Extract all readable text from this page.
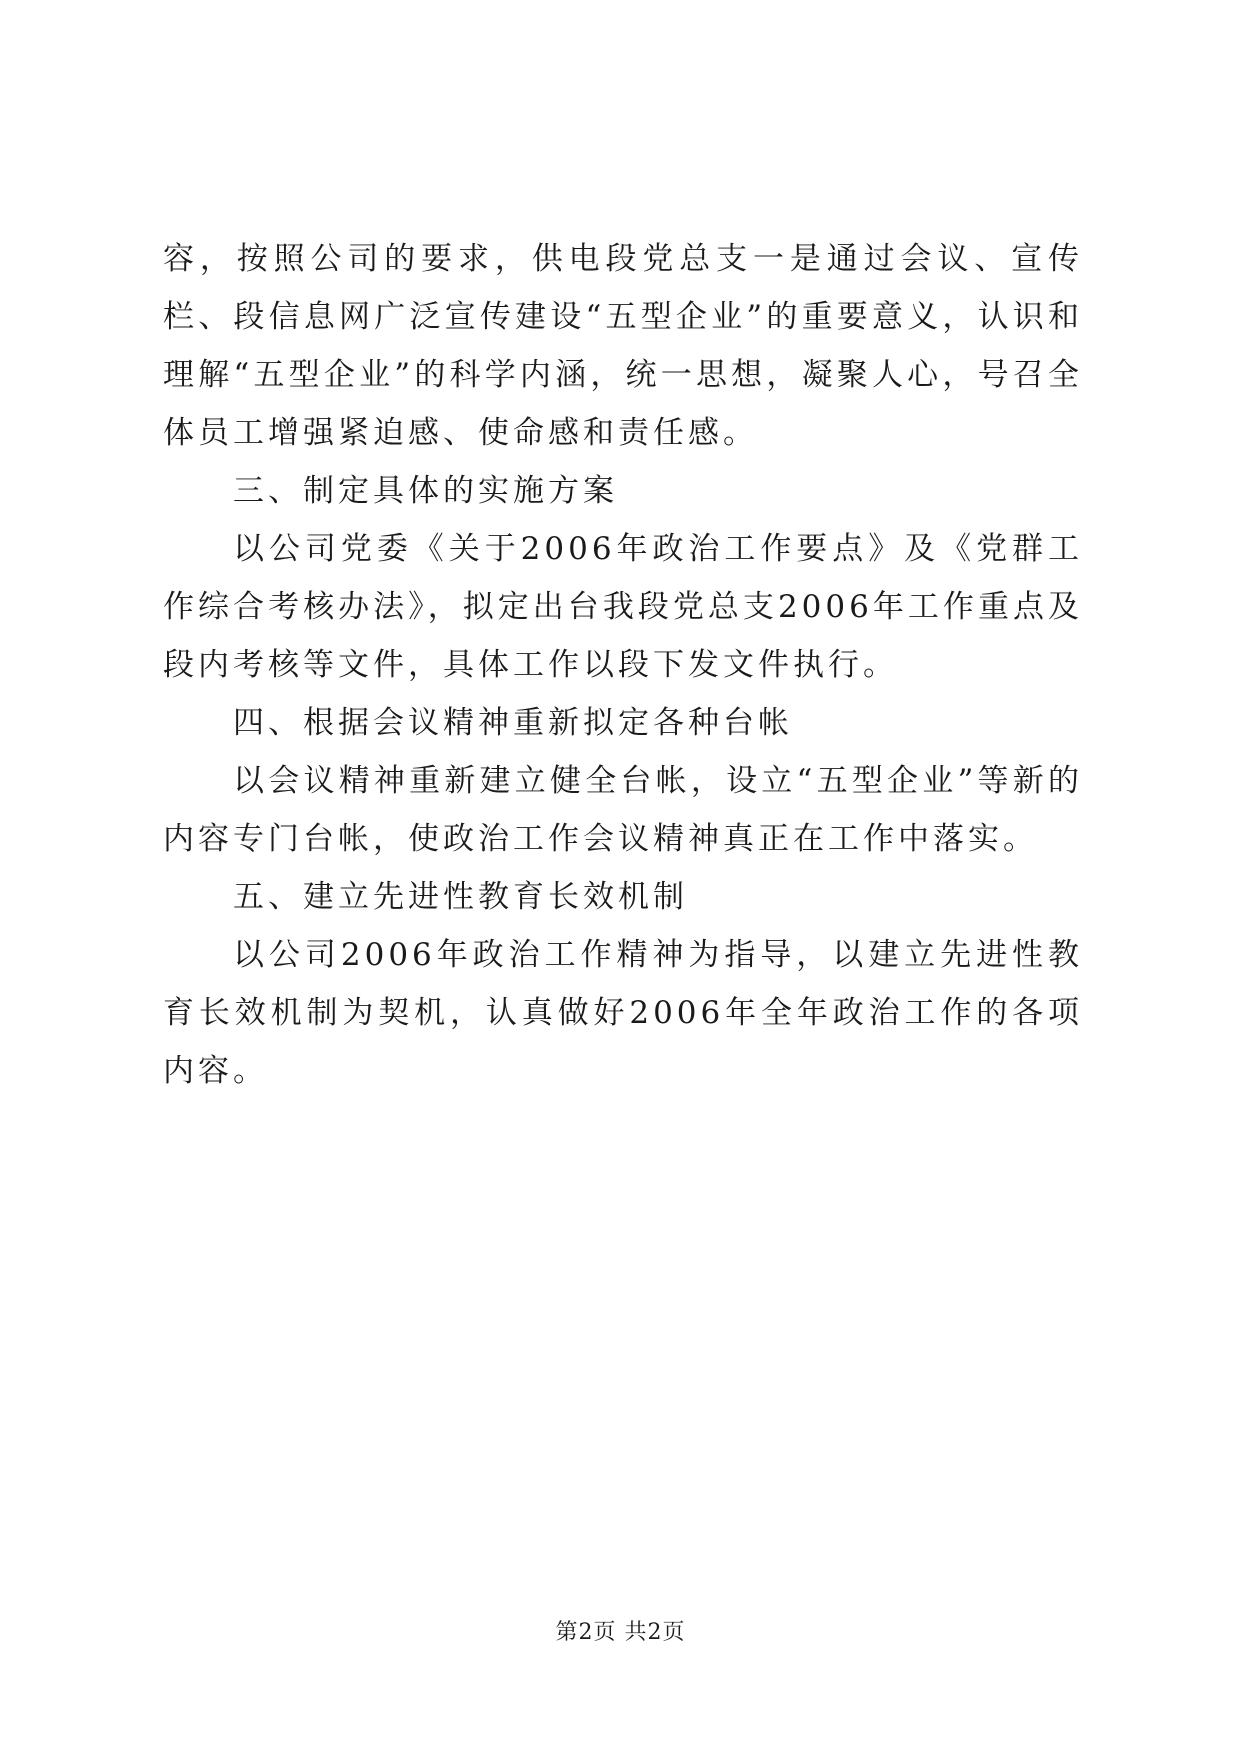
容，按照公司的要求，供电段党总支一是通过会议、宣传栏、段信息网广泛宣传建设“五型企业”的重要意义，认识和理解“五型企业”的科学内涵，统一思想，凝聚人心，号召全体员工增强紧迫感、使命感和责任感。

三、制定具体的实施方案

以公司党委《关于2006年政治工作要点》及《党群工作综合考核办法》，拟定出台我段党总支2006年工作重点及段内考核等文件，具体工作以段下发文件执行。

四、根据会议精神重新拟定各种台帐

以会议精神重新建立健全台帐，设立“五型企业”等新的内容专门台帐，使政治工作会议精神真正在工作中落实。

五、建立先进性教育长效机制

以公司2006年政治工作精神为指导，以建立先进性教育长效机制为契机，认真做好2006年全年政治工作的各项内容。

第2页 共2页
